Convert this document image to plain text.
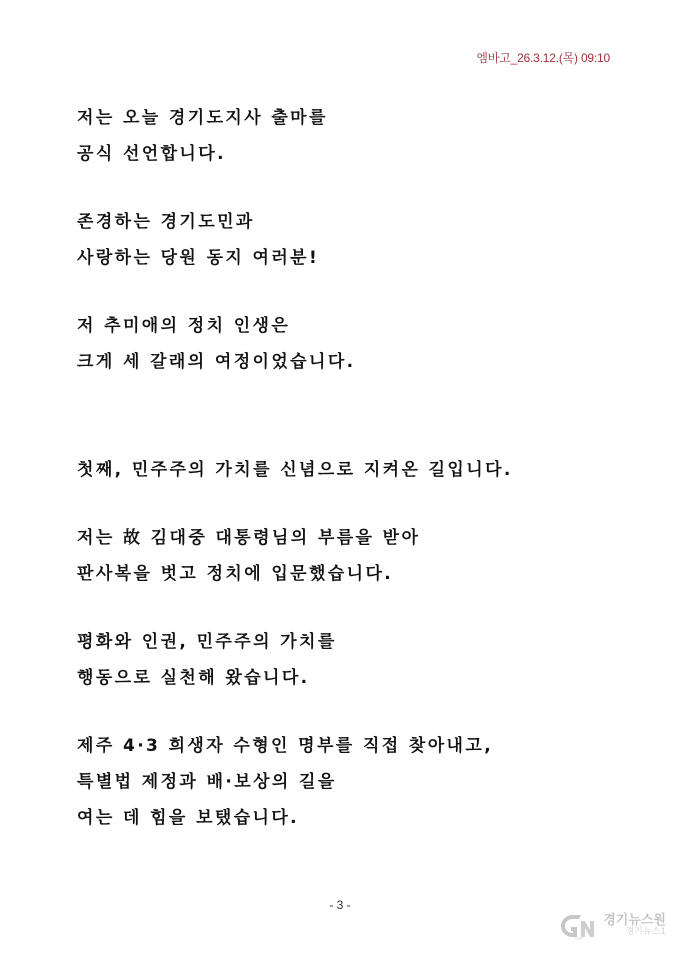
엠바고_26.3.12.(목) 09:10
저는 오늘 경기도지사 출마를
공식 선언합니다.
존경하는 경기도민과
사랑하는 당원 동지 여러분!
저 추미애의 정치 인생은
크게 세 갈래의 여정이었습니다.
첫째, 민주주의 가치를 신념으로 지켜온 길입니다.
저는 故 김대중 대통령님의 부름을 받아
판사복을 벗고 정치에 입문했습니다.
평화와 인권, 민주주의 가치를
행동으로 실천해 왔습니다.
제주 4·3 희생자 수형인 명부를 직접 찾아내고,
특별법 제정과 배·보상의 길을
여는 데 힘을 보탰습니다.
- 3 -
GNT
경기뉴스원
경기뉴스1
